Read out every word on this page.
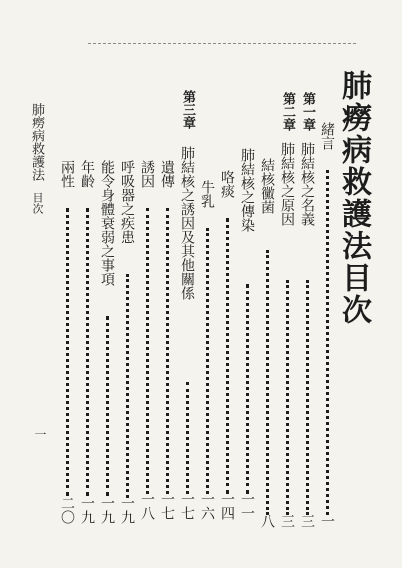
肺癆病救護法目次
肺癆病救護法
目次
一
緒言
一
第一章
肺結核之名義
三
第二章
肺結核之原因
三
結核黴菌
八
肺結核之傳染
一一
咯痰
一四
牛乳
一六
第三章
肺結核之誘因及其他關係
一七
遺傳
一七
誘因
一八
呼吸器之疾患
一九
能令身體衰弱之事項
一九
年齡
一九
兩性
二〇
